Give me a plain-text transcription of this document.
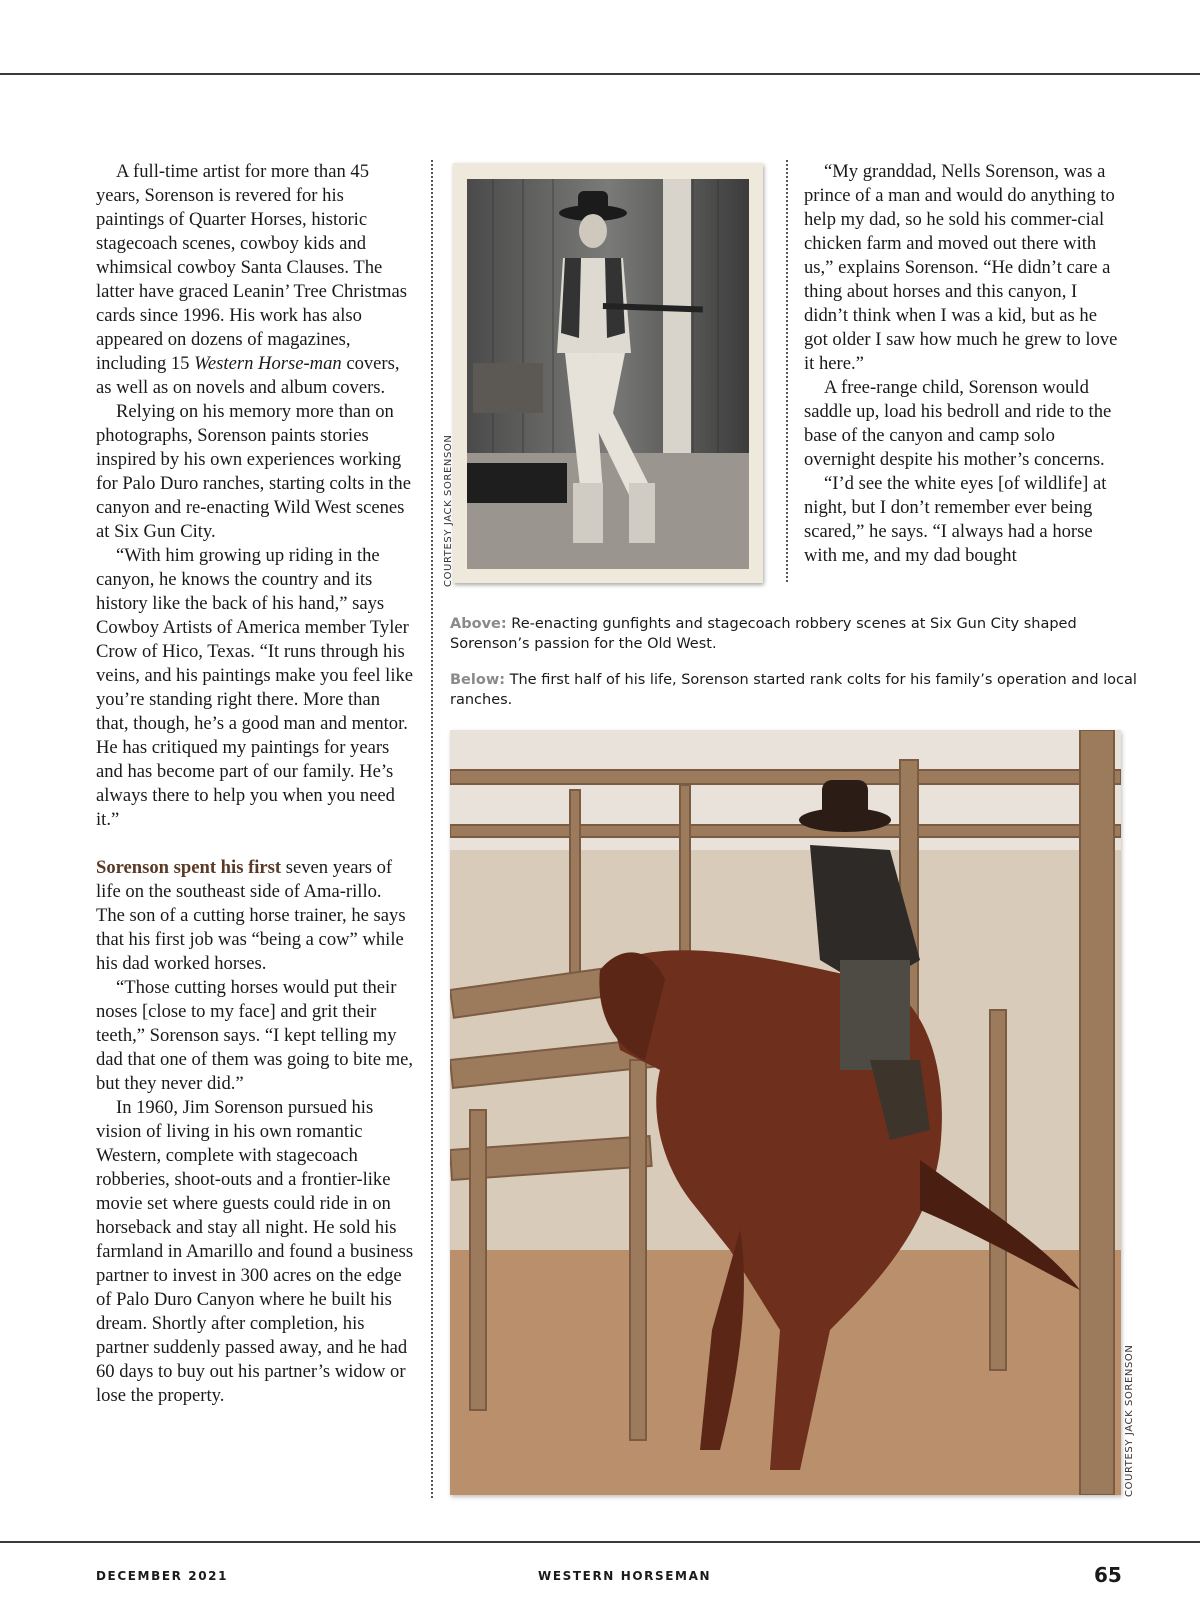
A full-time artist for more than 45 years, Sorenson is revered for his paintings of Quarter Horses, historic stagecoach scenes, cowboy kids and whimsical cowboy Santa Clauses. The latter have graced Leanin’ Tree Christmas cards since 1996. His work has also appeared on dozens of magazines, including 15 Western Horse-man covers, as well as on novels and album covers.

Relying on his memory more than on photographs, Sorenson paints stories inspired by his own experiences working for Palo Duro ranches, starting colts in the canyon and re-enacting Wild West scenes at Six Gun City.

“With him growing up riding in the canyon, he knows the country and its history like the back of his hand,” says Cowboy Artists of America member Tyler Crow of Hico, Texas. “It runs through his veins, and his paintings make you feel like you’re standing right there. More than that, though, he’s a good man and mentor. He has critiqued my paintings for years and has become part of our family. He’s always there to help you when you need it.”

Sorenson spent his first seven years of life on the southeast side of Ama-rillo. The son of a cutting horse trainer, he says that his first job was “being a cow” while his dad worked horses.

“Those cutting horses would put their noses [close to my face] and grit their teeth,” Sorenson says. “I kept telling my dad that one of them was going to bite me, but they never did.”

In 1960, Jim Sorenson pursued his vision of living in his own romantic Western, complete with stagecoach robberies, shoot-outs and a frontier-like movie set where guests could ride in on horseback and stay all night. He sold his farmland in Amarillo and found a business partner to invest in 300 acres on the edge of Palo Duro Canyon where he built his dream. Shortly after completion, his partner suddenly passed away, and he had 60 days to buy out his partner’s widow or lose the property.

COURTESY JACK SORENSON

“My granddad, Nells Sorenson, was a prince of a man and would do anything to help my dad, so he sold his commer-cial chicken farm and moved out there with us,” explains Sorenson. “He didn’t care a thing about horses and this canyon, I didn’t think when I was a kid, but as he got older I saw how much he grew to love it here.”

A free-range child, Sorenson would saddle up, load his bedroll and ride to the base of the canyon and camp solo overnight despite his mother’s concerns.

“I’d see the white eyes [of wildlife] at night, but I don’t remember ever being scared,” he says. “I always had a horse with me, and my dad bought

Above: Re-enacting gunfights and stagecoach robbery scenes at Six Gun City shaped Sorenson’s passion for the Old West.
Below: The first half of his life, Sorenson started rank colts for his family’s operation and local ranches.
COURTESY JACK SORENSON
DECEMBER 2021	WESTERN HORSEMAN	65
